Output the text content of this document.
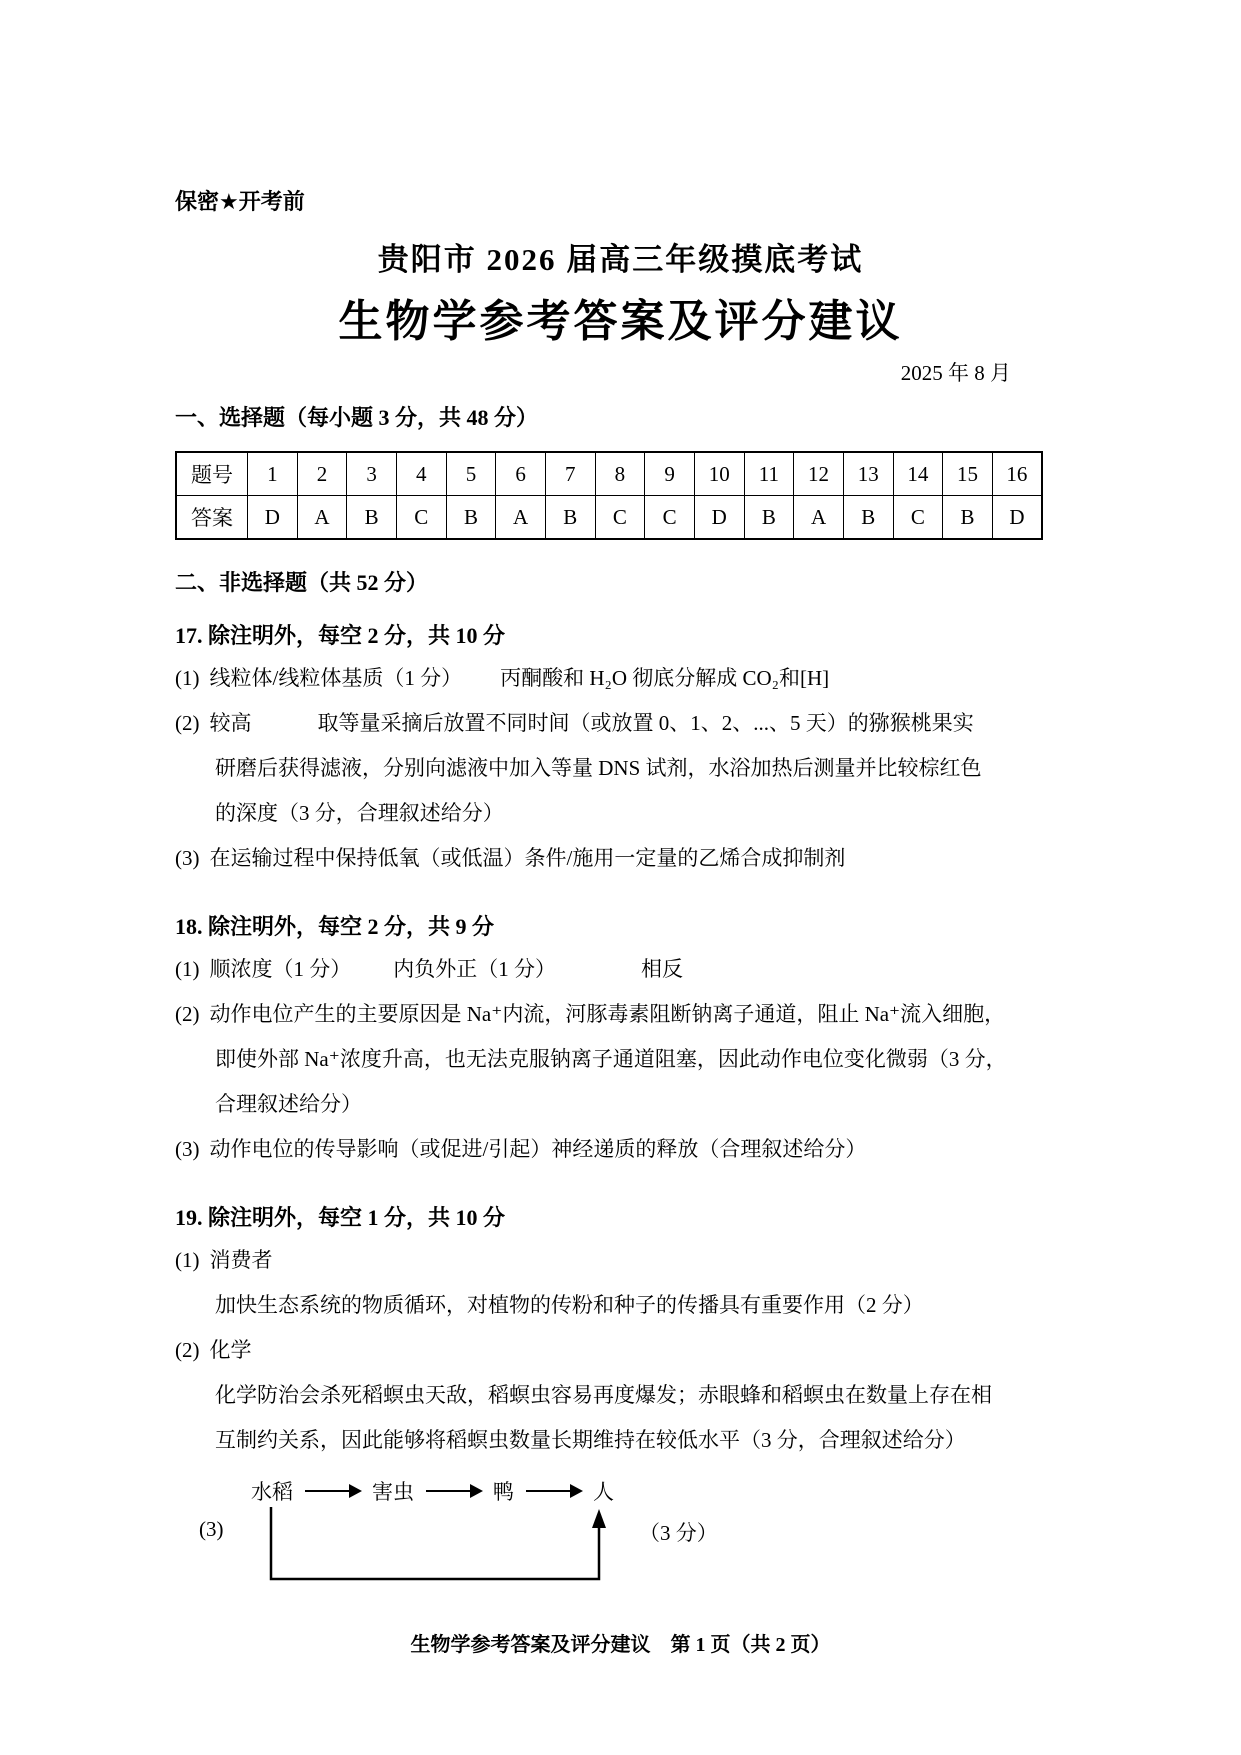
保密★开考前
贵阳市 2026 届高三年级摸底考试
生物学参考答案及评分建议
2025 年 8 月
一、选择题（每小题 3 分，共 48 分）
题号	1	2	3	4	5	6	7	8	9	10	11	12	13	14	15	16
答案	D	A	B	C	B	A	B	C	C	D	B	A	B	C	B	D
二、非选择题（共 52 分）
17. 除注明外，每空 2 分，共 10 分
(1) 线粒体/线粒体基质（1 分） 丙酮酸和 H₂O 彻底分解成 CO₂和[H]
(2) 较高	取等量采摘后放置不同时间（或放置 0、1、2、...、5 天）的猕猴桃果实
研磨后获得滤液，分别向滤液中加入等量 DNS 试剂，水浴加热后测量并比较棕红色
的深度（3 分，合理叙述给分）
(3) 在运输过程中保持低氧（或低温）条件/施用一定量的乙烯合成抑制剂
18. 除注明外，每空 2 分，共 9 分
(1) 顺浓度（1 分） 内负外正（1 分）	相反
(2) 动作电位产生的主要原因是 Na⁺内流，河豚毒素阻断钠离子通道，阻止 Na⁺流入细胞，
即使外部 Na⁺浓度升高，也无法克服钠离子通道阻塞，因此动作电位变化微弱（3 分，
合理叙述给分）
(3) 动作电位的传导影响（或促进/引起）神经递质的释放（合理叙述给分）
19. 除注明外，每空 1 分，共 10 分
(1) 消费者
加快生态系统的物质循环，对植物的传粉和种子的传播具有重要作用（2 分）
(2) 化学
化学防治会杀死稻螟虫天敌，稻螟虫容易再度爆发；赤眼蜂和稻螟虫在数量上存在相
互制约关系，因此能够将稻螟虫数量长期维持在较低水平（3 分，合理叙述给分）
(3)
水稻	害虫	鸭	人
（3 分）
生物学参考答案及评分建议　第 1 页（共 2 页）
